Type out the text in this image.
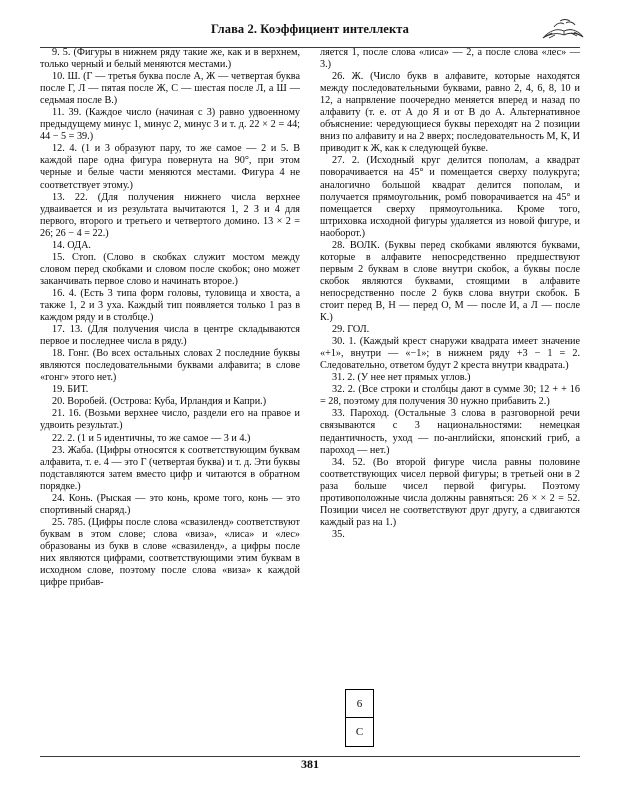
Глава 2. Коэффициент интеллекта

9. 5. (Фигуры в нижнем ряду такие же, как и в верхнем, только черный и белый меняются местами.)

10. Ш. (Г — третья буква после А, Ж — четвертая буква после Г, Л — пятая после Ж, С — шестая после Л, а Ш — седьмая после В.)

11. 39. (Каждое число (начиная с 3) равно удвоенному предыдущему минус 1, минус 2, минус 3 и т. д. 22 × 2 = 44; 44 − 5 = 39.)

12. 4. (1 и 3 образуют пару, то же самое — 2 и 5. В каждой паре одна фигура повернута на 90°, при этом черные и белые части меняются местами. Фигура 4 не соответствует этому.)

13. 22. (Для получения нижнего числа верхнее удваивается и из результата вычитаются 1, 2 З и 4 для первого, второго и третьего и четвертого домино. 13 × 2 = 26; 26 − 4 = 22.)

14. ОДА.

15. Стоп. (Слово в скобках служит мостом между словом перед скобками и словом после скобок; оно может заканчивать первое слово и начинать второе.)

16. 4. (Есть 3 типа форм головы, туловища и хвоста, а также 1, 2 и 3 уха. Каждый тип появляется только 1 раз в каждом ряду и в столбце.)

17. 13. (Для получения числа в центре складываются первое и последнее числа в ряду.)

18. Гонг. (Во всех остальных словах 2 последние буквы являются последовательными буквами алфавита; в слове «гонг» этого нет.)

19. БИТ.

20. Воробей. (Острова: Куба, Ирландия и Капри.)

21. 16. (Возьми верхнее число, раздели его на правое и удвоить результат.)

22. 2. (1 и 5 идентичны, то же самое — 3 и 4.)

23. Жаба. (Цифры относятся к соответствующим буквам алфавита, т. е. 4 — это Г (четвертая буква) и т. д. Эти буквы подставляются затем вместо цифр и читаются в обратном порядке.)

24. Конь. (Рыская — это конь, кроме того, конь — это спортивный снаряд.)

25. 785. (Цифры после слова «свазиленд» соответствуют буквам в этом слове; слова «виза», «лиса» и «лес» образованы из букв в слове «свазиленд», а цифры после них являются цифрами, соответствующими этим буквам в исходном слове, поэтому после слова «виза» к каждой цифре прибав-

ляется 1, после слова «лиса» — 2, а после слова «лес» — 3.)

26. Ж. (Число букв в алфавите, которые находятся между последовательными буквами, равно 2, 4, 6, 8, 10 и 12, а напрвление поочередно меняется вперед и назад по алфавиту (т. е. от А до Я и от В до А. Альтернативное объяснение: чередующиеся буквы переходят на 2 позиции вниз по алфавиту и на 2 вверх; последовательность М, К, И приводит к Ж, как к следующей букве.

27. 2. (Исходный круг делится пополам, а квадрат поворачивается на 45° и помещается сверху полукруга; аналогично большой квадрат делится пополам, и получается прямоугольник, ромб поворачивается на 45° и помещается сверху прямоугольника. Кроме того, штриховка исходной фигуры удаляется из новой фигуре, и наоборот.)

28. ВОЛК. (Буквы перед скобками являются буквами, которые в алфавите непосредственно предшествуют первым 2 буквам в слове внутри скобок, а буквы после скобок являются буквами, стоящими в алфавите непосредственно после 2 букв слова внутри скобок. Б стоит перед В, Н — перед О, М — после И, а Л — после К.)

29. ГОЛ.

30. 1. (Каждый крест снаружи квадрата имеет значение «+1», внутри — «−1»; в нижнем ряду +3 − 1 = 2. Следовательно, ответом будут 2 креста внутри квадрата.)

31. 2. (У нее нет прямых углов.)

32. 2. (Все строки и столбцы дают в сумме 30; 12 + + 16 = 28, поэтому для получения 30 нужно прибавить 2.)

33. Пароход. (Остальные 3 слова в разговорной речи связываются с 3 национальностями: немецкая педантичность, уход — по-английски, японский гриб, а пароход — нет.)

34. 52. (Во второй фигуре числа равны половине соответствующих чисел первой фигуры; в третьей они в 2 раза больше чисел первой фигуры. Поэтому противоположные числа должны равняться: 26 × × 2 = 52. Позиции чисел не соответствуют друг другу, а сдвигаются каждый раз на 1.)

35.

6
С
381
